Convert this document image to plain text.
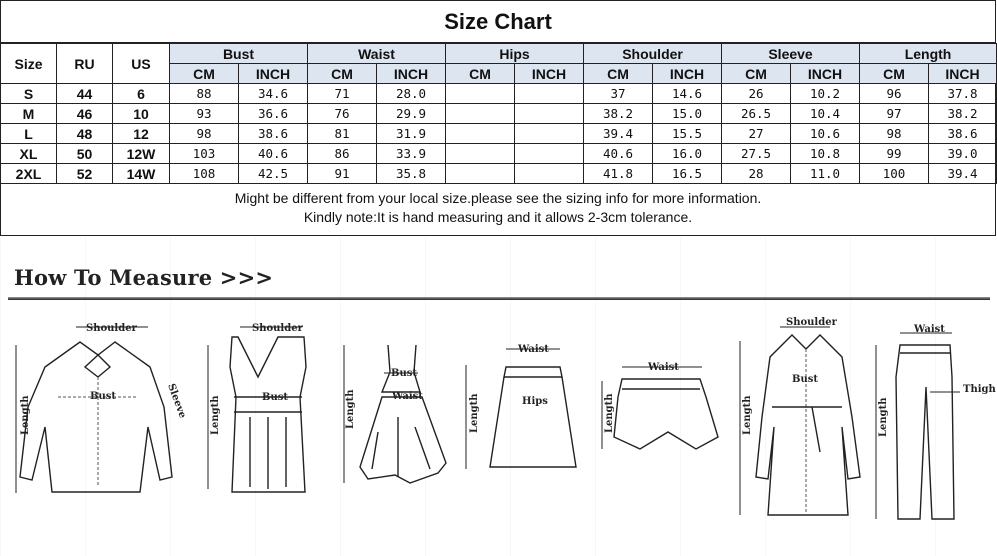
Size Chart
Size	RU	US	Bust		Waist		Hips		Shoulder		Sleeve		Length	
			CM	INCH	CM	INCH	CM	INCH	CM	INCH	CM	INCH	CM	INCH
S	44	6	88	34.6	71	28.0			37	14.6	26	10.2	96	37.8
M	46	10	93	36.6	76	29.9			38.2	15.0	26.5	10.4	97	38.2
L	48	12	98	38.6	81	31.9			39.4	15.5	27	10.6	98	38.6
XL	50	12W	103	40.6	86	33.9			40.6	16.0	27.5	10.8	99	39.0
2XL	52	14W	108	42.5	91	35.8			41.8	16.5	28	11.0	100	39.4
Might be different from your local size.please see the sizing info for more information.
Kindly note:It is hand measuring and it allows 2-3cm tolerance.
How To Measure >>>
Shoulder
Bust
Length	Sleeve
Shoulder
Bust
Length
Bust
Waist
Length
Waist
Hips
Length
Waist
Length
Shoulder
Bust
Length
Waist
Thigh
Length
